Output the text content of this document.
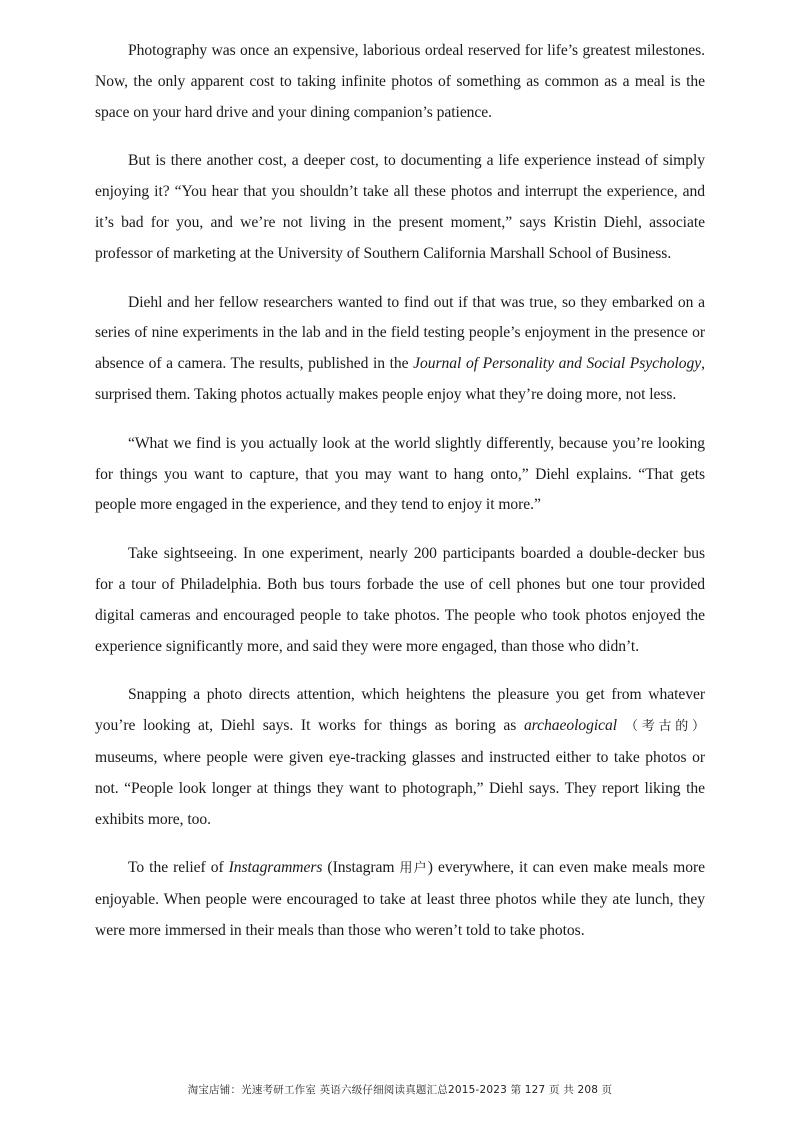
Photography was once an expensive, laborious ordeal reserved for life’s greatest milestones. Now, the only apparent cost to taking infinite photos of something as common as a meal is the space on your hard drive and your dining companion’s patience.

But is there another cost, a deeper cost, to documenting a life experience instead of simply enjoying it? “You hear that you shouldn’t take all these photos and interrupt the experience, and it’s bad for you, and we’re not living in the present moment,” says Kristin Diehl, associate professor of marketing at the University of Southern California Marshall School of Business.

Diehl and her fellow researchers wanted to find out if that was true, so they embarked on a series of nine experiments in the lab and in the field testing people’s enjoyment in the presence or absence of a camera. The results, published in the Journal of Personality and Social Psychology, surprised them. Taking photos actually makes people enjoy what they’re doing more, not less.

“What we find is you actually look at the world slightly differently, because you’re looking for things you want to capture, that you may want to hang onto,” Diehl explains. “That gets people more engaged in the experience, and they tend to enjoy it more.”

Take sightseeing. In one experiment, nearly 200 participants boarded a double-decker bus for a tour of Philadelphia. Both bus tours forbade the use of cell phones but one tour provided digital cameras and encouraged people to take photos. The people who took photos enjoyed the experience significantly more, and said they were more engaged, than those who didn’t.

Snapping a photo directs attention, which heightens the pleasure you get from whatever you’re looking at, Diehl says. It works for things as boring as archaeological （考古的） museums, where people were given eye-tracking glasses and instructed either to take photos or not. “People look longer at things they want to photograph,” Diehl says. They report liking the exhibits more, too.

To the relief of Instagrammers (Instagram 用户) everywhere, it can even make meals more enjoyable. When people were encouraged to take at least three photos while they ate lunch, they were more immersed in their meals than those who weren’t told to take photos.

淘宝店铺：光速考研工作室 英语六级仔细阅读真题汇总2015-2023 第 127 页 共 208 页
